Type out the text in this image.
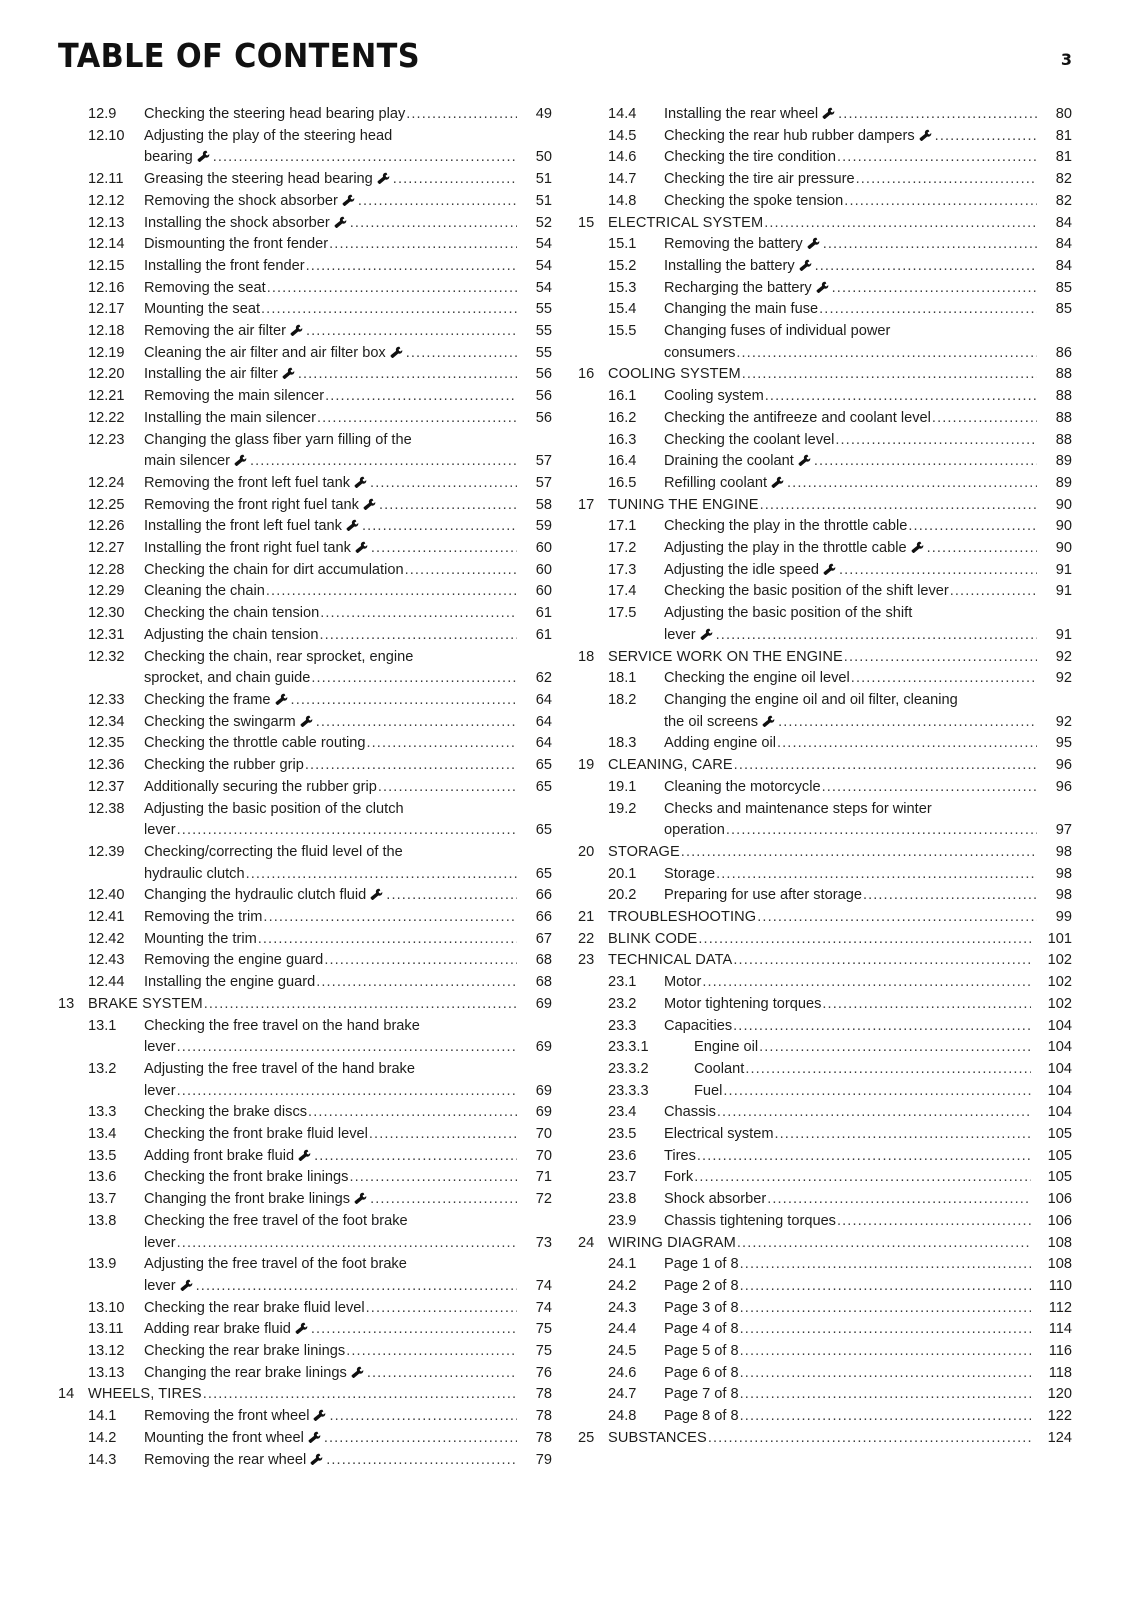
TABLE OF CONTENTS	3
12.9	Checking the steering head bearing play .....	49
12.10	Adjusting the play of the steering head
bearing .....	50
12.11	Greasing the steering head bearing .....	51
12.12	Removing the shock absorber .....	51
12.13	Installing the shock absorber .....	52
12.14	Dismounting the front fender .....	54
12.15	Installing the front fender .....	54
12.16	Removing the seat .....	54
12.17	Mounting the seat .....	55
12.18	Removing the air filter .....	55
12.19	Cleaning the air filter and air filter box .....	55
12.20	Installing the air filter .....	56
12.21	Removing the main silencer .....	56
12.22	Installing the main silencer .....	56
12.23	Changing the glass fiber yarn filling of the
main silencer .....	57
12.24	Removing the front left fuel tank .....	57
12.25	Removing the front right fuel tank .....	58
12.26	Installing the front left fuel tank .....	59
12.27	Installing the front right fuel tank .....	60
12.28	Checking the chain for dirt accumulation .....	60
12.29	Cleaning the chain .....	60
12.30	Checking the chain tension .....	61
12.31	Adjusting the chain tension .....	61
12.32	Checking the chain, rear sprocket, engine
sprocket, and chain guide .....	62
12.33	Checking the frame .....	64
12.34	Checking the swingarm .....	64
12.35	Checking the throttle cable routing .....	64
12.36	Checking the rubber grip .....	65
12.37	Additionally securing the rubber grip .....	65
12.38	Adjusting the basic position of the clutch
lever .....	65
12.39	Checking/correcting the fluid level of the
hydraulic clutch .....	65
12.40	Changing the hydraulic clutch fluid .....	66
12.41	Removing the trim .....	66
12.42	Mounting the trim .....	67
12.43	Removing the engine guard .....	68
12.44	Installing the engine guard .....	68
13 BRAKE SYSTEM .....	69
13.1	Checking the free travel on the hand brake
lever .....	69
13.2	Adjusting the free travel of the hand brake
lever .....	69
13.3	Checking the brake discs .....	69
13.4	Checking the front brake fluid level .....	70
13.5	Adding front brake fluid .....	70
13.6	Checking the front brake linings .....	71
13.7	Changing the front brake linings .....	72
13.8	Checking the free travel of the foot brake
lever .....	73
13.9	Adjusting the free travel of the foot brake
lever .....	74
13.10	Checking the rear brake fluid level .....	74
13.11	Adding rear brake fluid .....	75
13.12	Checking the rear brake linings .....	75
13.13	Changing the rear brake linings .....	76
14 WHEELS, TIRES .....	78
14.1	Removing the front wheel .....	78
14.2	Mounting the front wheel .....	78
14.3	Removing the rear wheel .....	79
14.4	Installing the rear wheel .....	80
14.5	Checking the rear hub rubber dampers .....	81
14.6	Checking the tire condition .....	81
14.7	Checking the tire air pressure .....	82
14.8	Checking the spoke tension .....	82
15 ELECTRICAL SYSTEM .....	84
15.1	Removing the battery .....	84
15.2	Installing the battery .....	84
15.3	Recharging the battery .....	85
15.4	Changing the main fuse .....	85
15.5	Changing fuses of individual power
consumers .....	86
16 COOLING SYSTEM .....	88
16.1	Cooling system .....	88
16.2	Checking the antifreeze and coolant level .....	88
16.3	Checking the coolant level .....	88
16.4	Draining the coolant .....	89
16.5	Refilling coolant .....	89
17 TUNING THE ENGINE .....	90
17.1	Checking the play in the throttle cable .....	90
17.2	Adjusting the play in the throttle cable .....	90
17.3	Adjusting the idle speed .....	91
17.4	Checking the basic position of the shift lever .....	91
17.5	Adjusting the basic position of the shift
lever .....	91
18 SERVICE WORK ON THE ENGINE .....	92
18.1	Checking the engine oil level .....	92
18.2	Changing the engine oil and oil filter, cleaning
the oil screens .....	92
18.3	Adding engine oil .....	95
19 CLEANING, CARE .....	96
19.1	Cleaning the motorcycle .....	96
19.2	Checks and maintenance steps for winter
operation .....	97
20 STORAGE .....	98
20.1	Storage .....	98
20.2	Preparing for use after storage .....	98
21 TROUBLESHOOTING .....	99
22 BLINK CODE .....	101
23 TECHNICAL DATA .....	102
23.1	Motor .....	102
23.2	Motor tightening torques .....	102
23.3	Capacities .....	104
23.3.1	Engine oil .....	104
23.3.2	Coolant .....	104
23.3.3	Fuel .....	104
23.4	Chassis .....	104
23.5	Electrical system .....	105
23.6	Tires .....	105
23.7	Fork .....	105
23.8	Shock absorber .....	106
23.9	Chassis tightening torques .....	106
24 WIRING DIAGRAM .....	108
24.1	Page 1 of 8 .....	108
24.2	Page 2 of 8 .....	110
24.3	Page 3 of 8 .....	112
24.4	Page 4 of 8 .....	114
24.5	Page 5 of 8 .....	116
24.6	Page 6 of 8 .....	118
24.7	Page 7 of 8 .....	120
24.8	Page 8 of 8 .....	122
25 SUBSTANCES .....	124
